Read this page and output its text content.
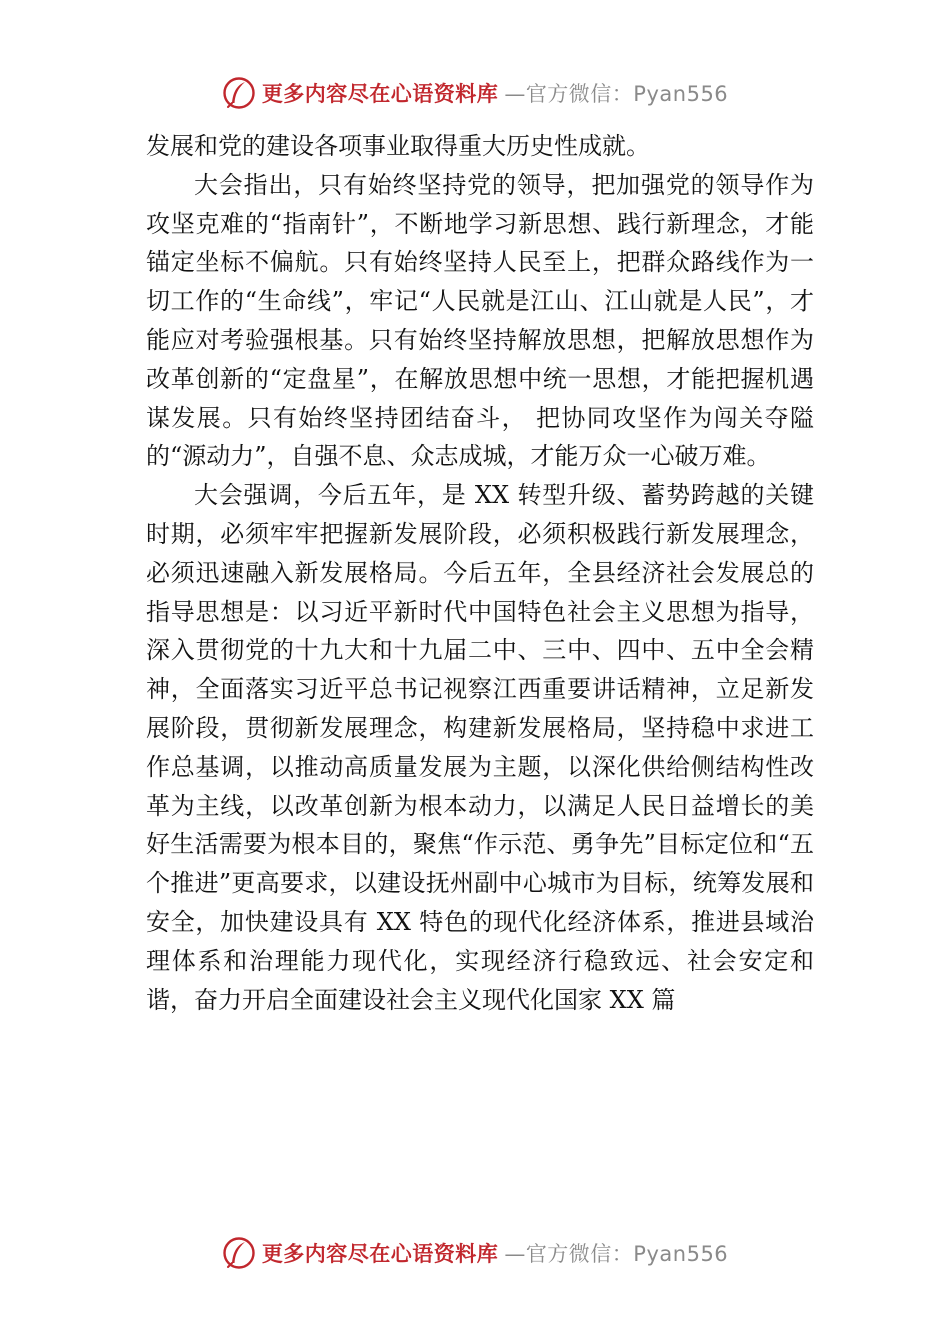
更多内容尽在心语资料库 —官方微信：Pyan556

发展和党的建设各项事业取得重大历史性成就。

大会指出，只有始终坚持党的领导，把加强党的领导作为攻坚克难的“指南针”，不断地学习新思想、践行新理念，才能锚定坐标不偏航。只有始终坚持人民至上，把群众路线作为一切工作的“生命线”，牢记“人民就是江山、江山就是人民”，才能应对考验强根基。只有始终坚持解放思想，把解放思想作为改革创新的“定盘星”，在解放思想中统一思想，才能把握机遇谋发展。只有始终坚持团结奋斗， 把协同攻坚作为闯关夺隘的“源动力”，自强不息、众志成城，才能万众一心破万难。

大会强调，今后五年，是 XX 转型升级、蓄势跨越的关键时期，必须牢牢把握新发展阶段，必须积极践行新发展理念，必须迅速融入新发展格局。今后五年，全县经济社会发展总的指导思想是：以习近平新时代中国特色社会主义思想为指导， 深入贯彻党的十九大和十九届二中、三中、四中、五中全会精神，全面落实习近平总书记视察江西重要讲话精神，立足新发展阶段，贯彻新发展理念，构建新发展格局，坚持稳中求进工作总基调，以推动高质量发展为主题，以深化供给侧结构性改革为主线，以改革创新为根本动力，以满足人民日益增长的美好生活需要为根本目的，聚焦“作示范、勇争先”目标定位和“五个推进”更高要求，以建设抚州副中心城市为目标，统筹发展和安全，加快建设具有 XX 特色的现代化经济体系，推进县域治理体系和治理能力现代化，实现经济行稳致远、社会安定和谐，奋力开启全面建设社会主义现代化国家 XX 篇

更多内容尽在心语资料库 —官方微信：Pyan556
